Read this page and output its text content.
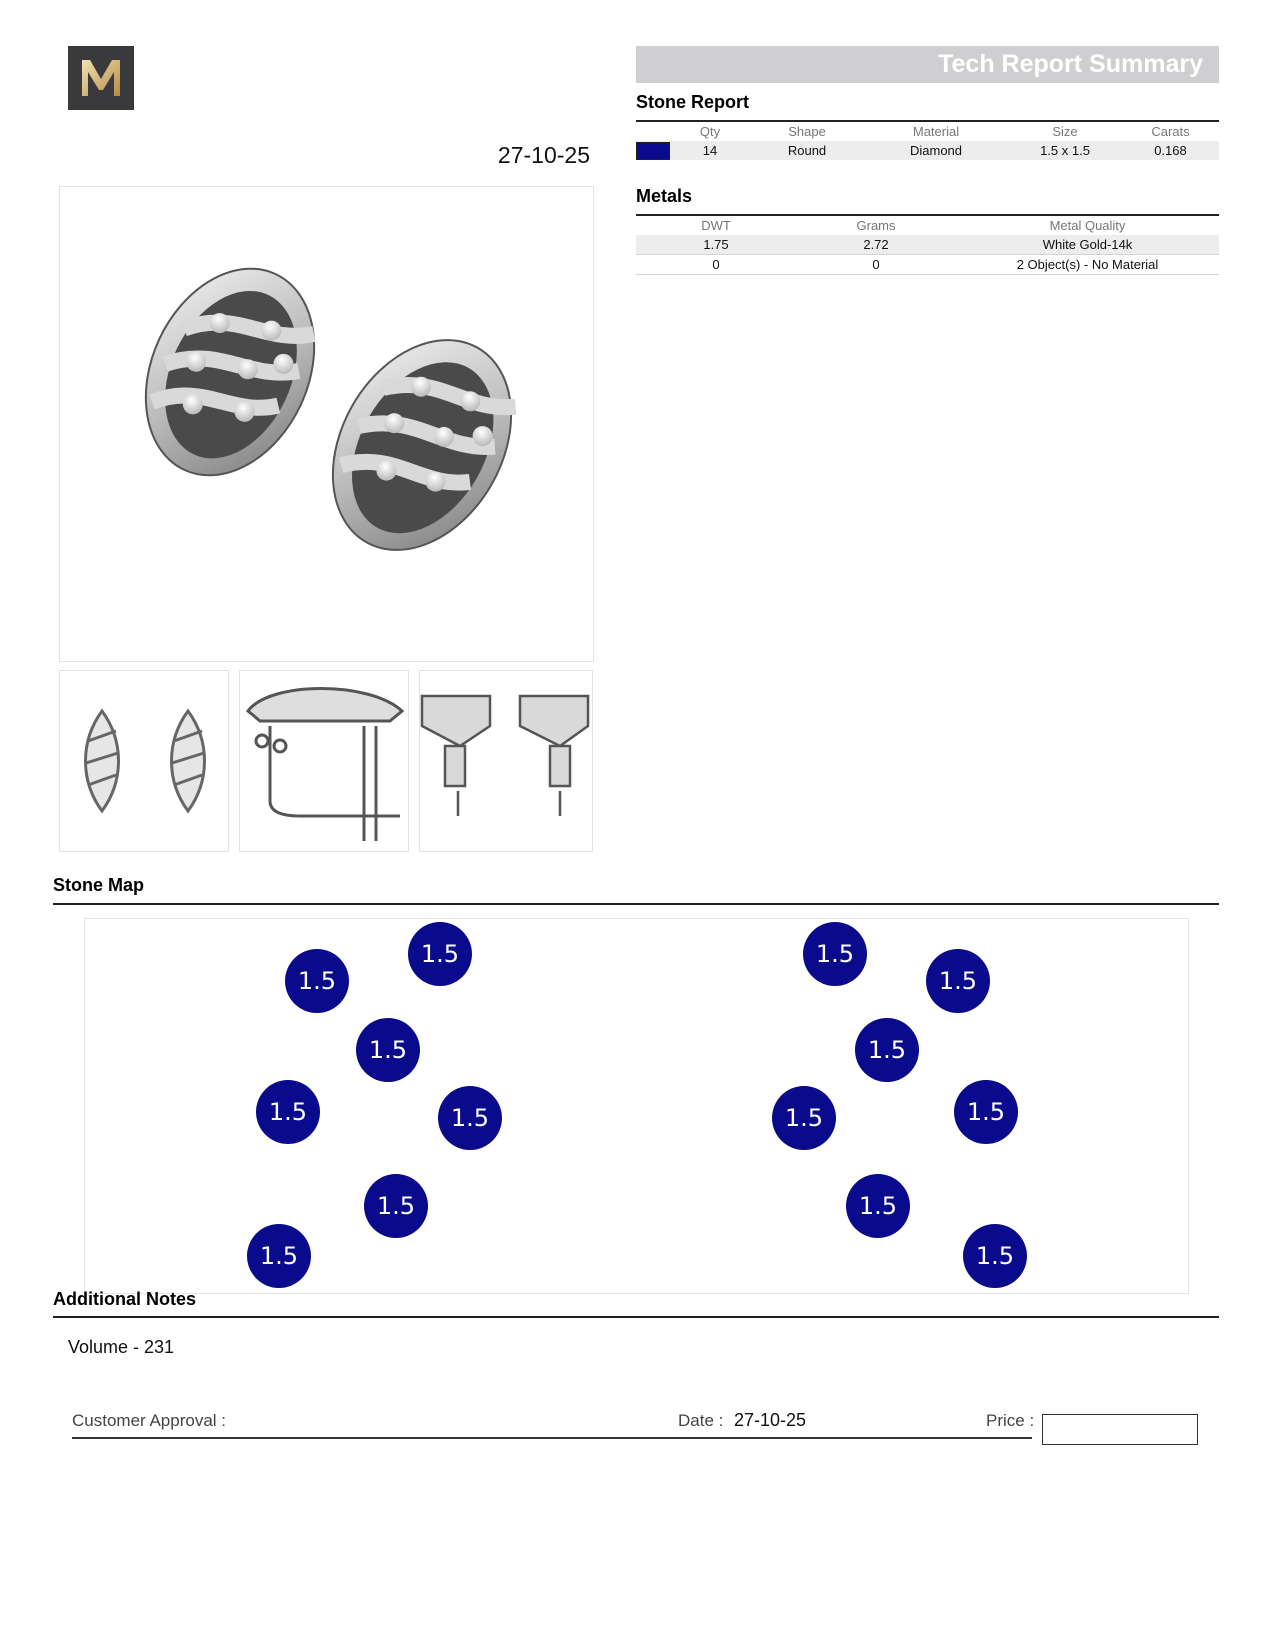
27-10-25
Tech Report Summary
Stone Report
	Qty	Shape	Material	Size	Carats

	14	Round	Diamond	1.5 x 1.5	0.168
Metals
DWT	Grams	Metal Quality
1.75	2.72	White Gold-14k
0	0	2 Object(s) - No Material
Stone Map
1.5
1.5
1.5
1.5	1.5
1.5
1.5
1.5
1.5
1.5
1.5	1.5
1.5
1.5
Additional Notes
Volume - 231
Customer Approval :	Date : 27-10-25	Price :
